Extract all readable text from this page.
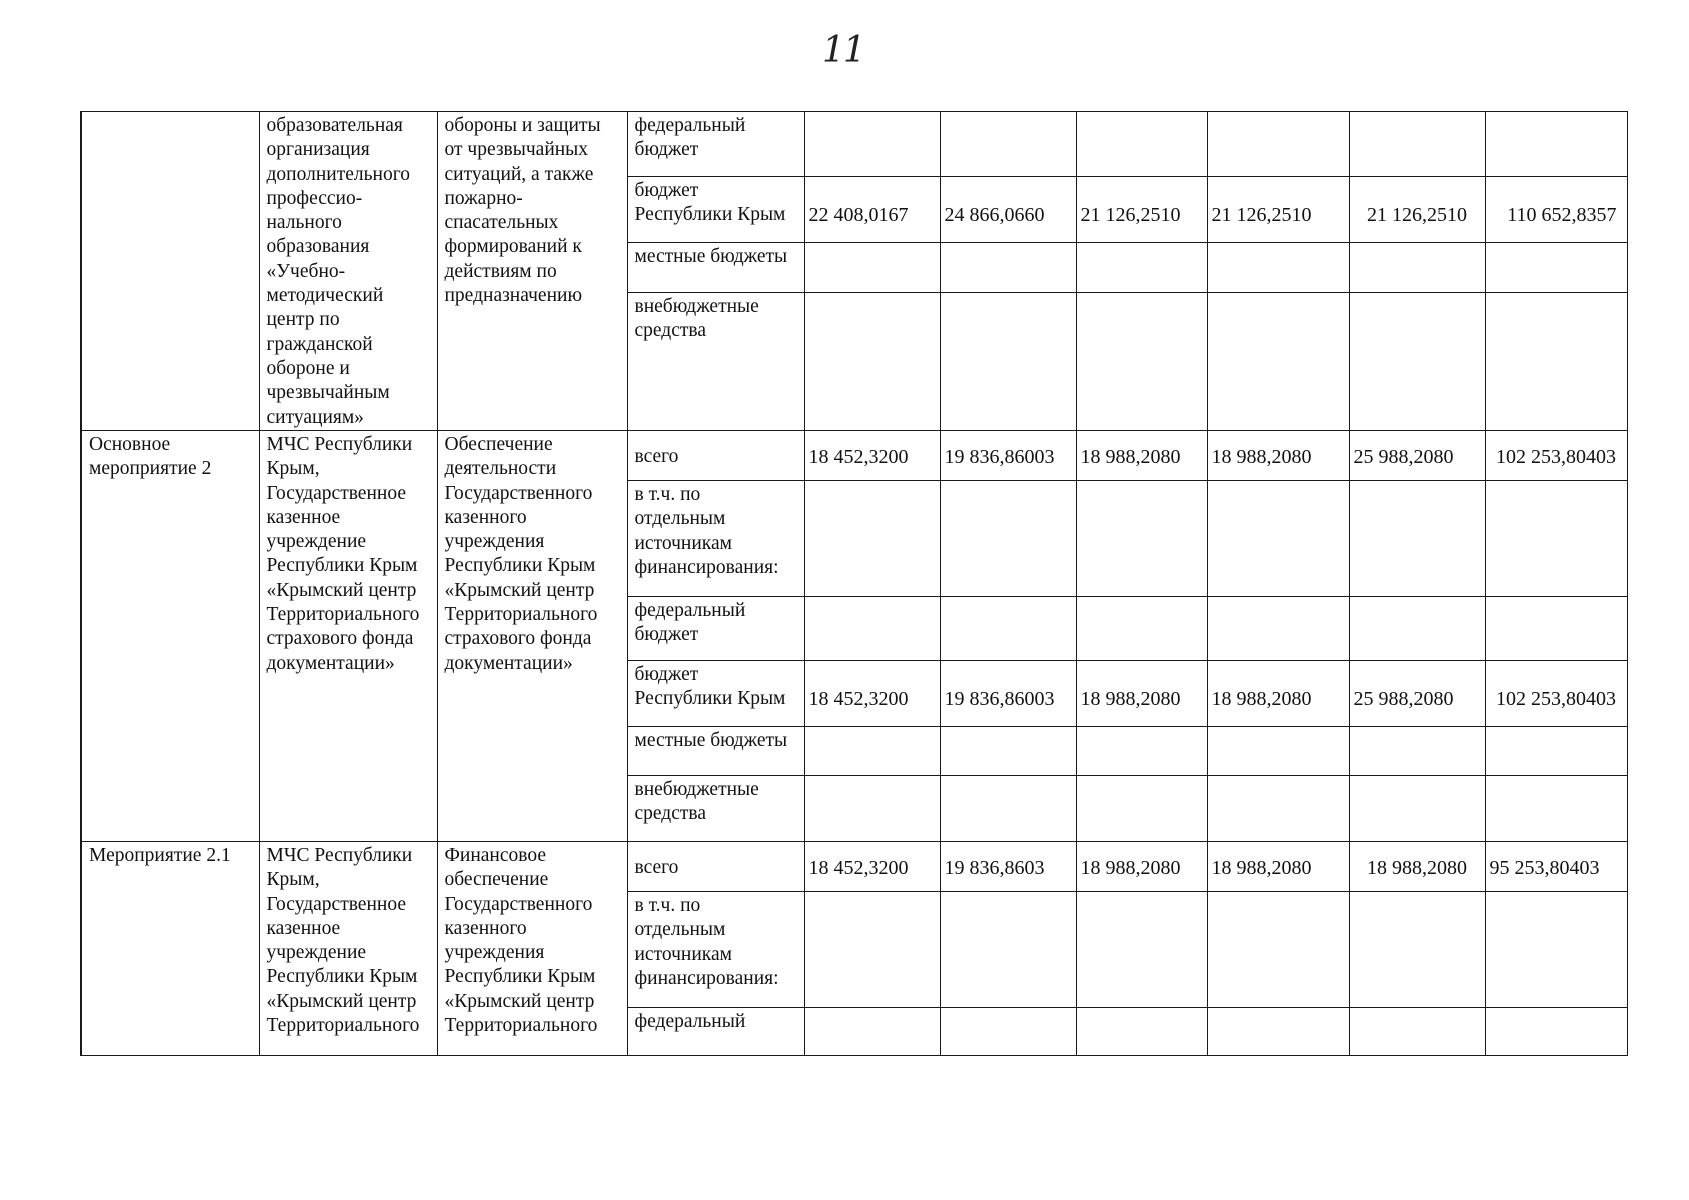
11
	образовательная организация дополнительного профессио-нального образования «Учебно-методический центр по гражданской обороне и чрезвычайным ситуациям»	обороны и защиты от чрезвычайных ситуаций, а также пожарно-спасательных формирований к действиям по предназначению	федеральный бюджет						
			бюджет Республики Крым	22 408,0167	24 866,0660	21 126,2510	21 126,2510	21 126,2510	110 652,8357
			местные бюджеты						
			внебюджетные средства						
Основное мероприятие 2	МЧС Республики Крым, Государственное казенное учреждение Республики Крым «Крымский центр Территориального страхового фонда документации»	Обеспечение деятельности Государственного казенного учреждения Республики Крым «Крымский центр Территориального страхового фонда документации»	всего	18 452,3200	19 836,86003	18 988,2080	18 988,2080	25 988,2080	102 253,80403
			в т.ч. по отдельным источникам финансирования:						
			федеральный бюджет						
			бюджет Республики Крым	18 452,3200	19 836,86003	18 988,2080	18 988,2080	25 988,2080	102 253,80403
			местные бюджеты						
			внебюджетные средства						
Мероприятие 2.1	МЧС Республики Крым, Государственное казенное учреждение Республики Крым «Крымский центр Территориального	Финансовое обеспечение Государственного казенного учреждения Республики Крым «Крымский центр Территориального	всего	18 452,3200	19 836,8603	18 988,2080	18 988,2080	18 988,2080	95 253,80403
			в т.ч. по отдельным источникам финансирования:						
			федеральный						
